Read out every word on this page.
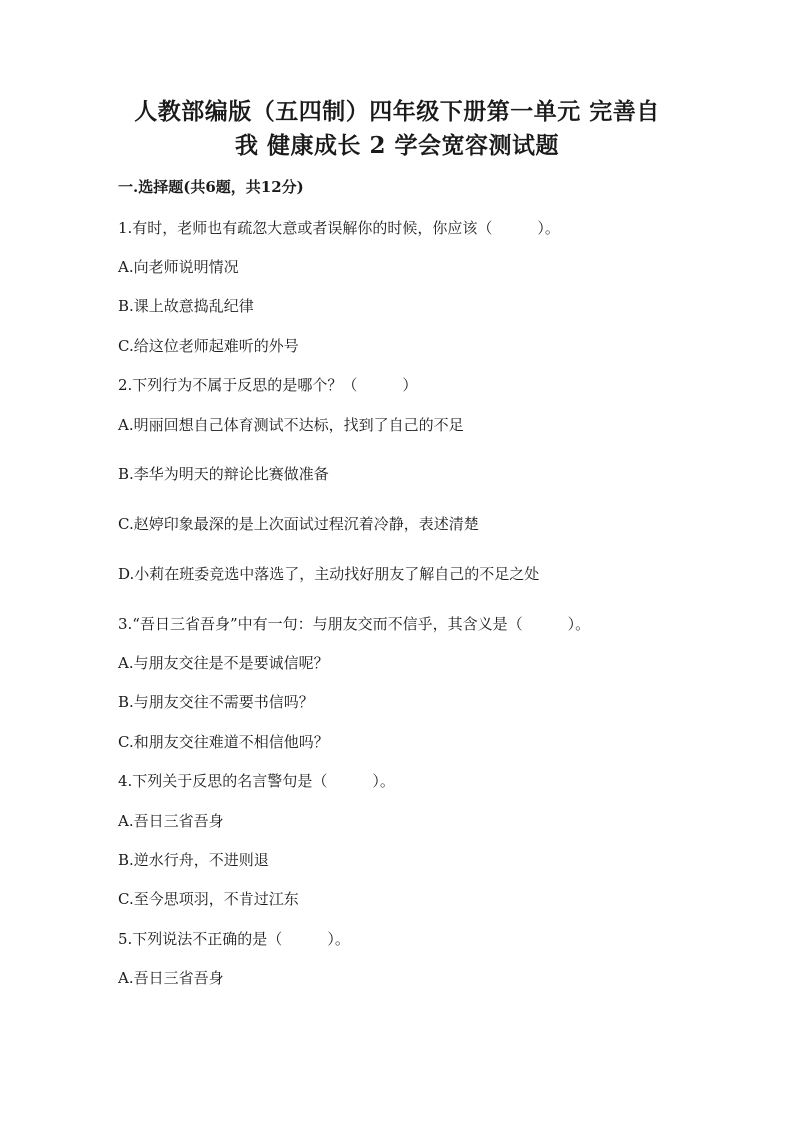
人教部编版（五四制）四年级下册第一单元 完善自
我 健康成长 2 学会宽容测试题
一.选择题(共6题，共12分)
1.有时，老师也有疏忽大意或者误解你的时候，你应该（　　　）。
A.向老师说明情况
B.课上故意捣乱纪律
C.给这位老师起难听的外号
2.下列行为不属于反思的是哪个？（　　　）
A.明丽回想自己体育测试不达标，找到了自己的不足
B.李华为明天的辩论比赛做准备
C.赵婷印象最深的是上次面试过程沉着冷静，表述清楚
D.小莉在班委竞选中落选了，主动找好朋友了解自己的不足之处
3.“吾日三省吾身”中有一句：与朋友交而不信乎，其含义是（　　　）。
A.与朋友交往是不是要诚信呢？
B.与朋友交往不需要书信吗？
C.和朋友交往难道不相信他吗？
4.下列关于反思的名言警句是（　　　）。
A.吾日三省吾身
B.逆水行舟，不进则退
C.至今思项羽，不肯过江东
5.下列说法不正确的是（　　　）。
A.吾日三省吾身
